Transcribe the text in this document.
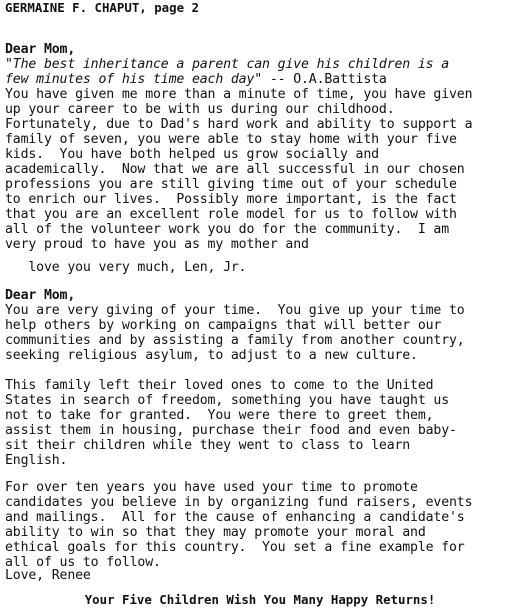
GERMAINE F. CHAPUT, page 2
Dear Mom,
"The best inheritance a parent can give his children is a
few minutes of his time each day" -- O.A.Battista
You have given me more than a minute of time, you have given
up your career to be with us during our childhood.
Fortunately, due to Dad's hard work and ability to support a
family of seven, you were able to stay home with your five
kids.  You have both helped us grow socially and
academically.  Now that we are all successful in our chosen
professions you are still giving time out of your schedule
to enrich our lives.  Possibly more important, is the fact
that you are an excellent role model for us to follow with
all of the volunteer work you do for the community.  I am
very proud to have you as my mother and
love you very much, Len, Jr.
Dear Mom,
You are very giving of your time.  You give up your time to
help others by working on campaigns that will better our
communities and by assisting a family from another country,
seeking religious asylum, to adjust to a new culture.
This family left their loved ones to come to the United
States in search of freedom, something you have taught us
not to take for granted.  You were there to greet them,
assist them in housing, purchase their food and even baby-
sit their children while they went to class to learn
English.
For over ten years you have used your time to promote
candidates you believe in by organizing fund raisers, events
and mailings.  All for the cause of enhancing a candidate's
ability to win so that they may promote your moral and
ethical goals for this country.  You set a fine example for
all of us to follow.
Love, Renee
Your Five Children Wish You Many Happy Returns!
